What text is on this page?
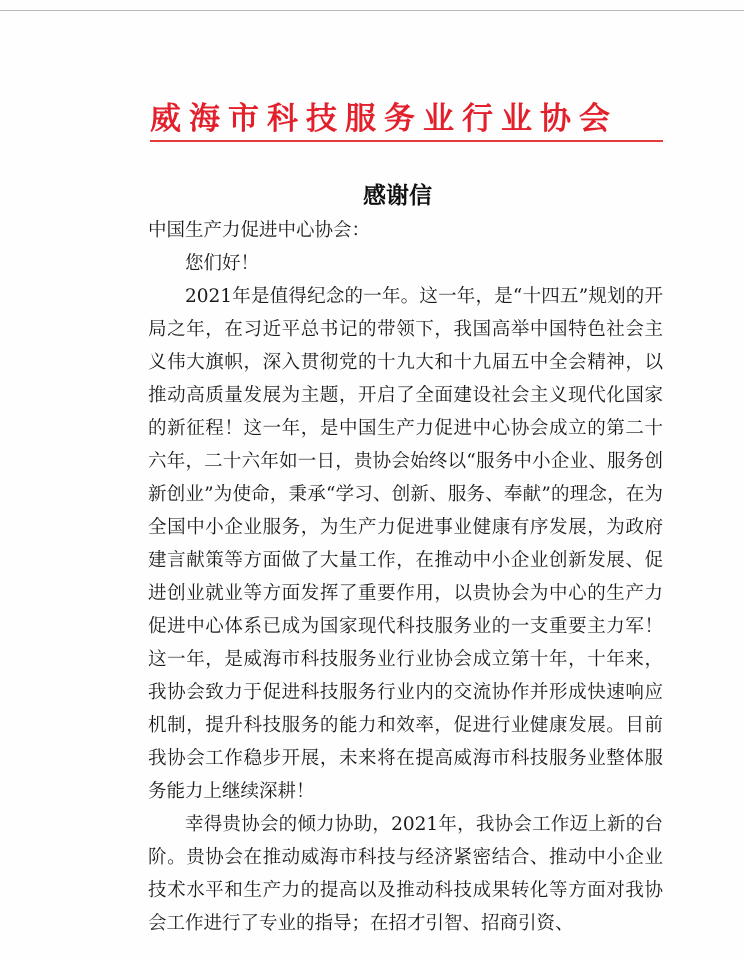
威海市科技服务业行业协会
感谢信

中国生产力促进中心协会：

您们好！

2021年是值得纪念的一年。这一年，是“十四五”规划的开局之年，在习近平总书记的带领下，我国高举中国特色社会主义伟大旗帜，深入贯彻党的十九大和十九届五中全会精神，以推动高质量发展为主题，开启了全面建设社会主义现代化国家的新征程！这一年，是中国生产力促进中心协会成立的第二十六年，二十六年如一日，贵协会始终以“服务中小企业、服务创新创业”为使命，秉承“学习、创新、服务、奉献”的理念，在为全国中小企业服务，为生产力促进事业健康有序发展，为政府建言献策等方面做了大量工作，在推动中小企业创新发展、促进创业就业等方面发挥了重要作用，以贵协会为中心的生产力促进中心体系已成为国家现代科技服务业的一支重要主力军！这一年，是威海市科技服务业行业协会成立第十年，十年来，我协会致力于促进科技服务行业内的交流协作并形成快速响应机制，提升科技服务的能力和效率，促进行业健康发展。目前我协会工作稳步开展，未来将在提高威海市科技服务业整体服务能力上继续深耕！

幸得贵协会的倾力协助，2021年，我协会工作迈上新的台阶。贵协会在推动威海市科技与经济紧密结合、推动中小企业技术水平和生产力的提高以及推动科技成果转化等方面对我协会工作进行了专业的指导；在招才引智、招商引资、
